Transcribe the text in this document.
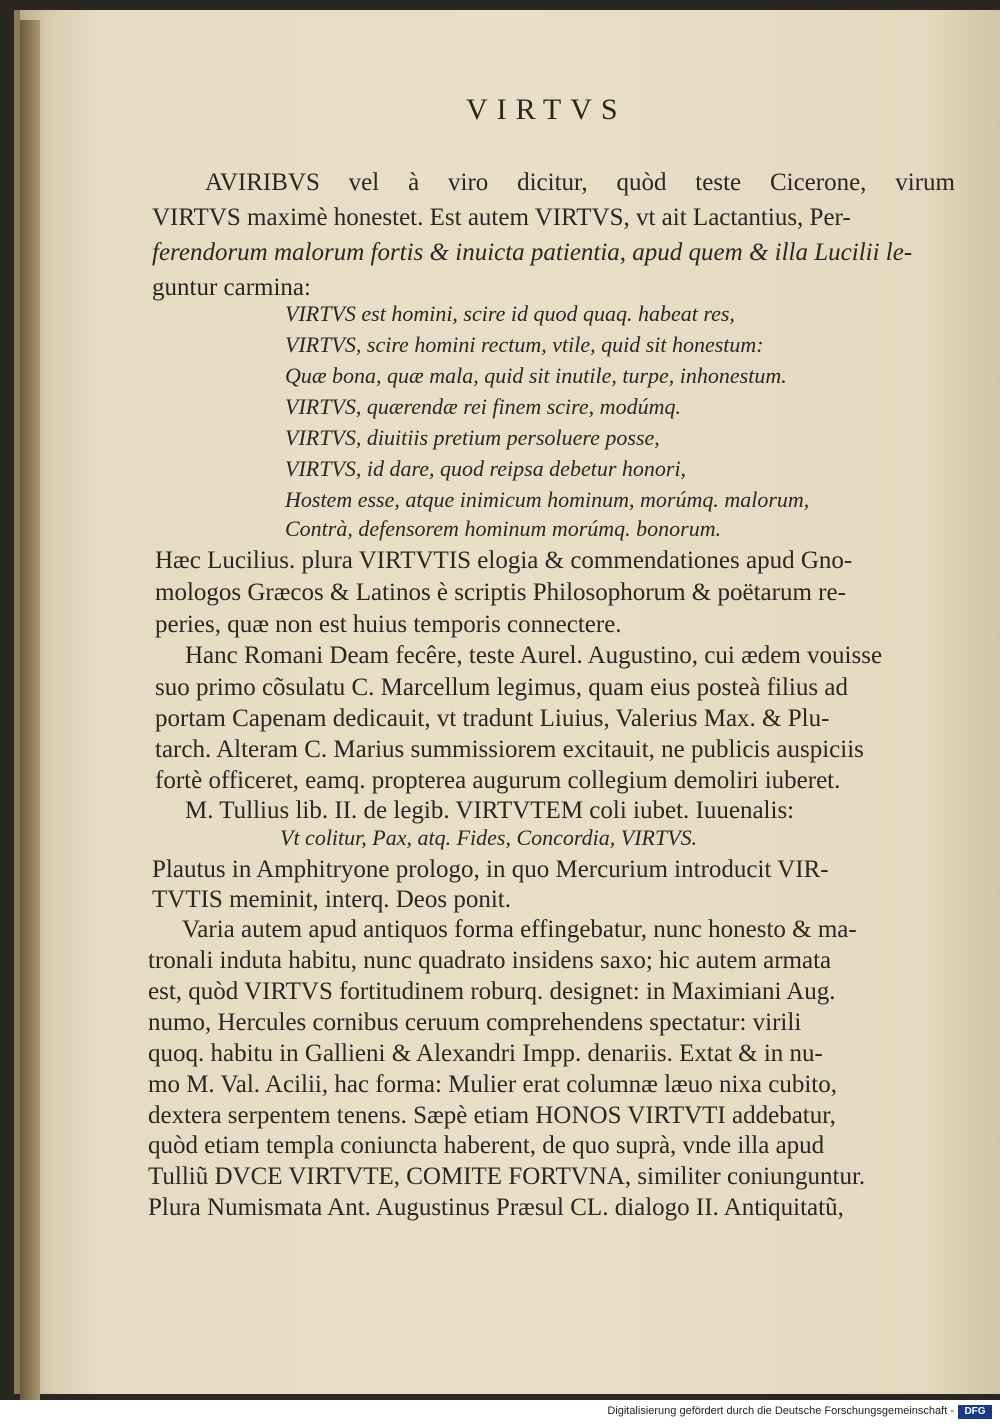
VIRTVS
AVIRIBVS vel à viro dicitur, quòd teste Cicerone, virum
VIRTVS maximè honestet. Est autem VIRTVS, vt ait Lactantius, Per-
ferendorum malorum fortis & inuicta patientia, apud quem & illa Lucilii le-
guntur carmina:
VIRTVS est homini, scire id quod quaq. habeat res,
VIRTVS, scire homini rectum, vtile, quid sit honestum:
Quæ bona, quæ mala, quid sit inutile, turpe, inhonestum.
VIRTVS, quærendæ rei finem scire, modúmq.
VIRTVS, diuitiis pretium persoluere posse,
VIRTVS, id dare, quod reipsa debetur honori,
Hostem esse, atque inimicum hominum, morúmq. malorum,
Contrà, defensorem hominum morúmq. bonorum.
Hæc Lucilius. plura VIRTVTIS elogia & commendationes apud Gno-
mologos Græcos & Latinos è scriptis Philosophorum & poëtarum re-
peries, quæ non est huius temporis connectere.
Hanc Romani Deam fecêre, teste Aurel. Augustino, cui ædem vouisse
suo primo cõsulatu C. Marcellum legimus, quam eius posteà filius ad
portam Capenam dedicauit, vt tradunt Liuius, Valerius Max. & Plu-
tarch. Alteram C. Marius summissiorem excitauit, ne publicis auspiciis
fortè officeret, eamq. propterea augurum collegium demoliri iuberet.
M. Tullius lib. II. de legib. VIRTVTEM coli iubet. Iuuenalis:
Vt colitur, Pax, atq. Fides, Concordia, VIRTVS.
Plautus in Amphitryone prologo, in quo Mercurium introducit VIR-
TVTIS meminit, interq. Deos ponit.
Varia autem apud antiquos forma effingebatur, nunc honesto & ma-
tronali induta habitu, nunc quadrato insidens saxo; hic autem armata
est, quòd VIRTVS fortitudinem roburq. designet: in Maximiani Aug.
numo, Hercules cornibus ceruum comprehendens spectatur: virili
quoq. habitu in Gallieni & Alexandri Impp. denariis. Extat & in nu-
mo M. Val. Acilii, hac forma: Mulier erat columnæ læuo nixa cubito,
dextera serpentem tenens. Sæpè etiam HONOS VIRTVTI addebatur,
quòd etiam templa coniuncta haberent, de quo suprà, vnde illa apud
Tulliũ DVCE VIRTVTE, COMITE FORTVNA, similiter coniunguntur.
Plura Numismata Ant. Augustinus Præsul CL. dialogo II. Antiquitatũ,
Digitalisierung gefördert durch die Deutsche Forschungsgemeinschaft -	DFG
